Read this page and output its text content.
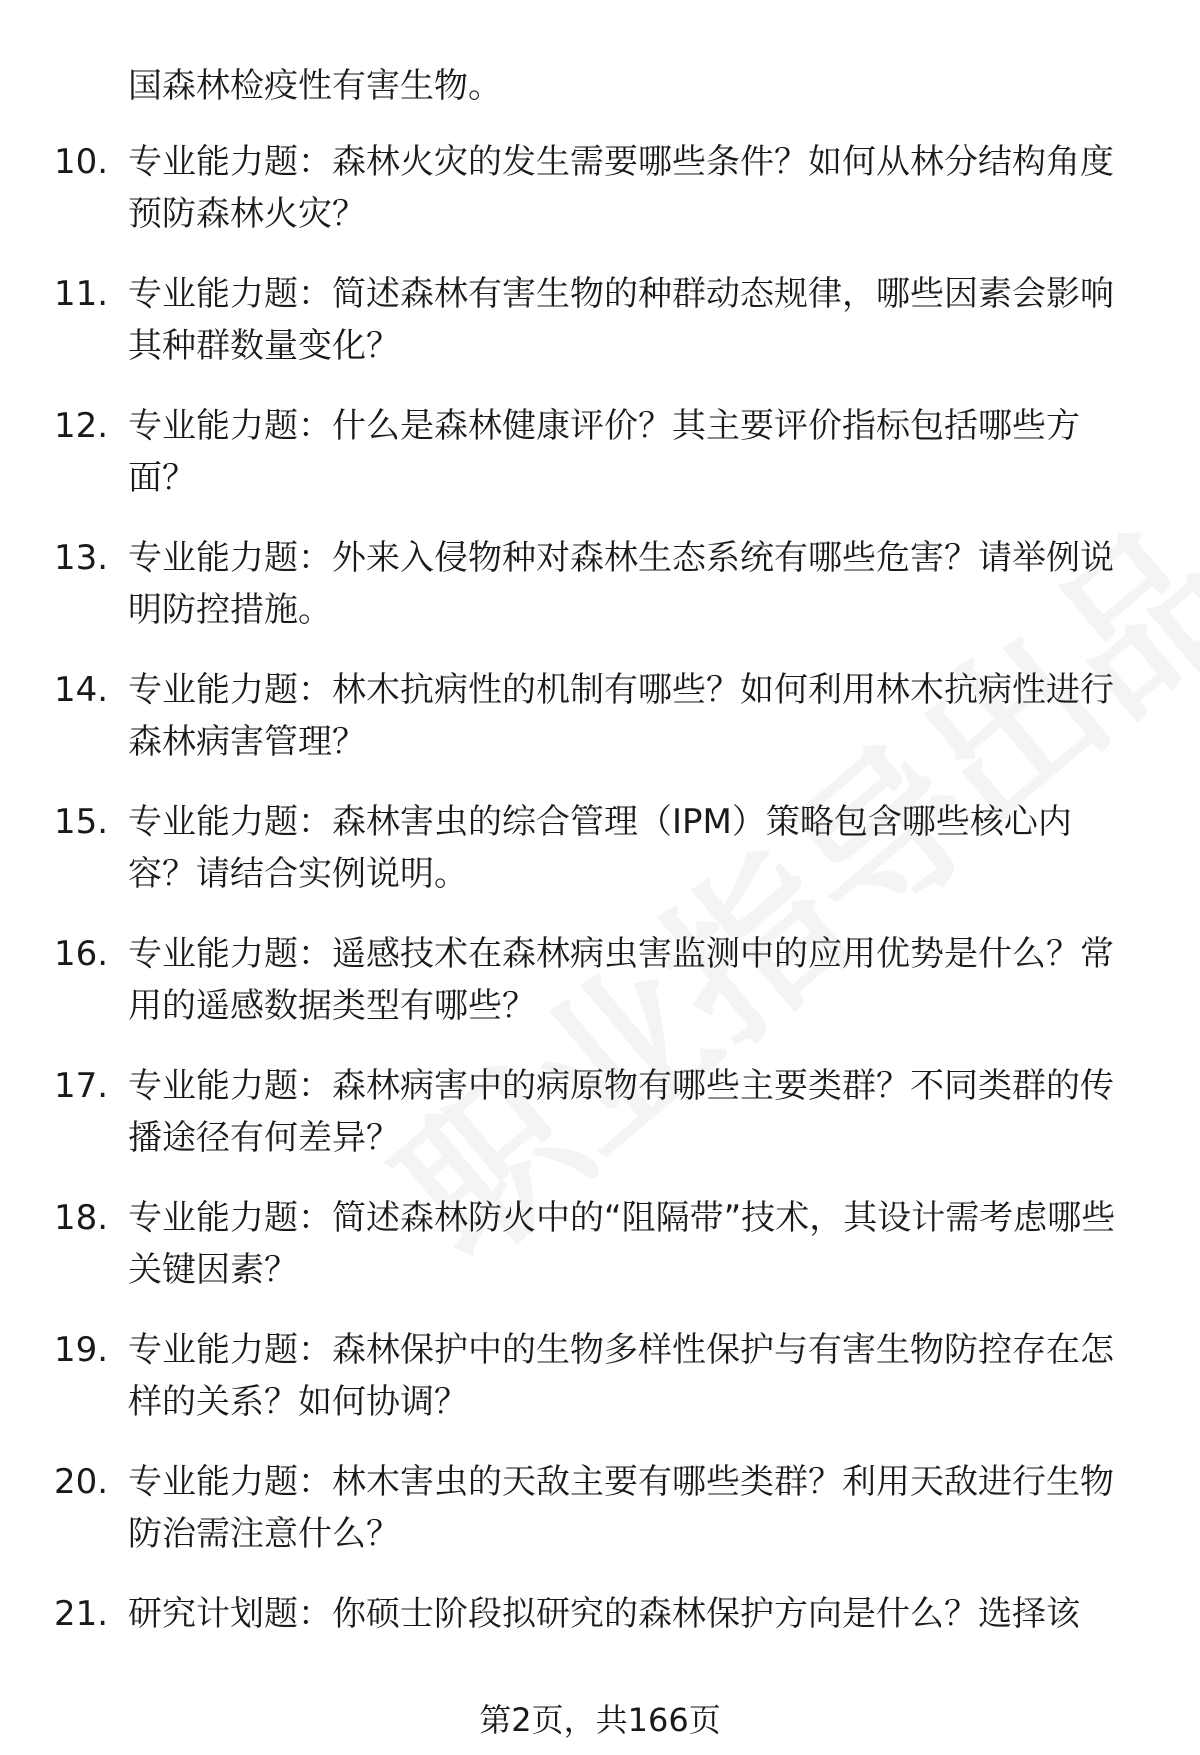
国森林检疫性有害生物。
10. 专业能力题：森林火灾的发生需要哪些条件？如何从林分结构角度预防森林火灾？
11. 专业能力题：简述森林有害生物的种群动态规律，哪些因素会影响其种群数量变化？
12. 专业能力题：什么是森林健康评价？其主要评价指标包括哪些方面？
13. 专业能力题：外来入侵物种对森林生态系统有哪些危害？请举例说明防控措施。
14. 专业能力题：林木抗病性的机制有哪些？如何利用林木抗病性进行森林病害管理？
15. 专业能力题：森林害虫的综合管理（IPM）策略包含哪些核心内容？请结合实例说明。
16. 专业能力题：遥感技术在森林病虫害监测中的应用优势是什么？常用的遥感数据类型有哪些？
17. 专业能力题：森林病害中的病原物有哪些主要类群？不同类群的传播途径有何差异？
18. 专业能力题：简述森林防火中的“阻隔带”技术，其设计需考虑哪些关键因素？
19. 专业能力题：森林保护中的生物多样性保护与有害生物防控存在怎样的关系？如何协调？
20. 专业能力题：林木害虫的天敌主要有哪些类群？利用天敌进行生物防治需注意什么？
21. 研究计划题：你硕士阶段拟研究的森林保护方向是什么？选择该
第2页，共166页
